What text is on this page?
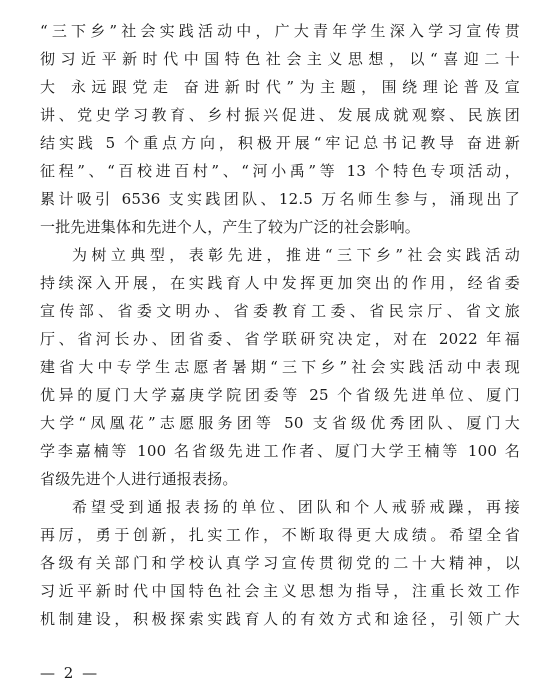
“三下乡”社会实践活动中，广大青年学生深入学习宣传贯
彻习近平新时代中国特色社会主义思想，以“喜迎二十
大 永远跟党走 奋进新时代”为主题，围绕理论普及宣
讲、党史学习教育、乡村振兴促进、发展成就观察、民族团
结实践 5 个重点方向，积极开展“牢记总书记教导 奋进新
征程”、“百校进百村”、“河小禹”等 13 个特色专项活动，
累计吸引 6536 支实践团队、12.5 万名师生参与，涌现出了
一批先进集体和先进个人，产生了较为广泛的社会影响。
为树立典型，表彰先进，推进“三下乡”社会实践活动
持续深入开展，在实践育人中发挥更加突出的作用，经省委
宣传部、省委文明办、省委教育工委、省民宗厅、省文旅
厅、省河长办、团省委、省学联研究决定，对在 2022 年福
建省大中专学生志愿者暑期“三下乡”社会实践活动中表现
优异的厦门大学嘉庚学院团委等 25 个省级先进单位、厦门
大学“凤凰花”志愿服务团等 50 支省级优秀团队、厦门大
学李嘉楠等 100 名省级先进工作者、厦门大学王楠等 100 名
省级先进个人进行通报表扬。
希望受到通报表扬的单位、团队和个人戒骄戒躁，再接
再厉，勇于创新，扎实工作，不断取得更大成绩。希望全省
各级有关部门和学校认真学习宣传贯彻党的二十大精神，以
习近平新时代中国特色社会主义思想为指导，注重长效工作
机制建设，积极探索实践育人的有效方式和途径，引领广大
— 2 —
